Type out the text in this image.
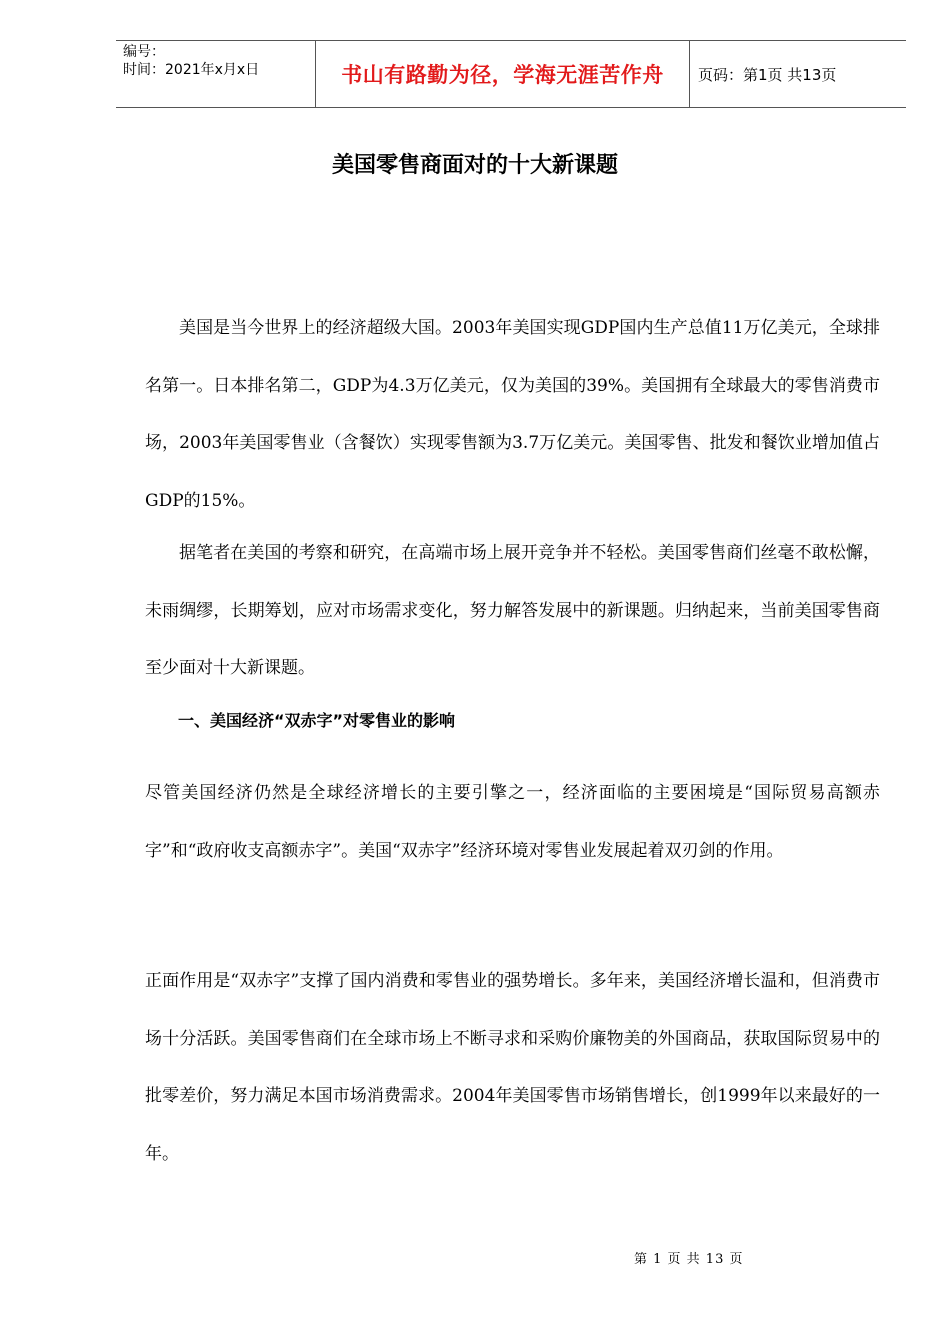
编号：
时间：2021年x月x日	书山有路勤为径，学海无涯苦作舟 页码：第1页 共13页
美国零售商面对的十大新课题

美国是当今世界上的经济超级大国。2003年美国实现GDP国内生产总值11万亿美元，全球排名第一。日本排名第二，GDP为4.3万亿美元，仅为美国的39%。美国拥有全球最大的零售消费市场，2003年美国零售业（含餐饮）实现零售额为3.7万亿美元。美国零售、批发和餐饮业增加值占GDP的15%。

据笔者在美国的考察和研究，在高端市场上展开竞争并不轻松。美国零售商们丝毫不敢松懈，未雨绸缪，长期筹划，应对市场需求变化，努力解答发展中的新课题。归纳起来，当前美国零售商至少面对十大新课题。

一、美国经济“双赤字”对零售业的影响

尽管美国经济仍然是全球经济增长的主要引擎之一，经济面临的主要困境是“国际贸易高额赤字”和“政府收支高额赤字”。美国“双赤字”经济环境对零售业发展起着双刃剑的作用。

正面作用是“双赤字”支撑了国内消费和零售业的强势增长。多年来，美国经济增长温和，但消费市场十分活跃。美国零售商们在全球市场上不断寻求和采购价廉物美的外国商品，获取国际贸易中的批零差价，努力满足本国市场消费需求。2004年美国零售市场销售增长，创1999年以来最好的一年。

第 1 页 共 13 页
